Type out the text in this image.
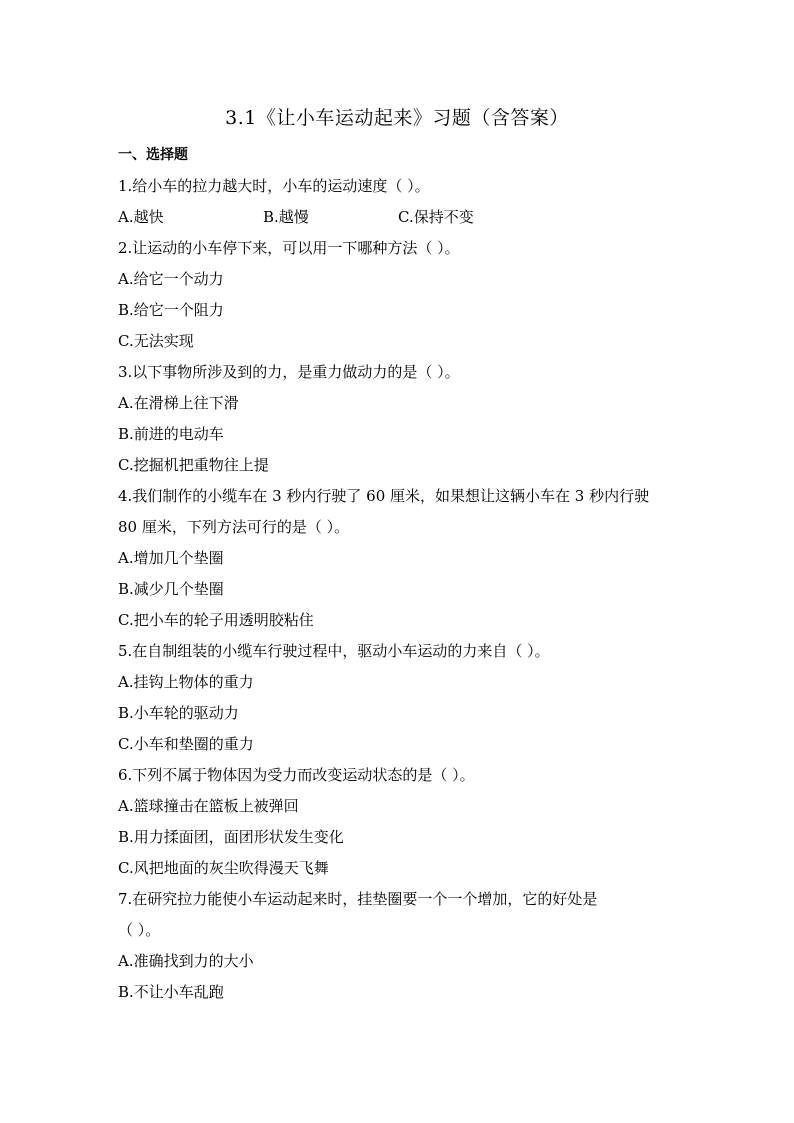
3.1《让小车运动起来》习题（含答案）
一、选择题
1.给小车的拉力越大时，小车的运动速度（ ）。
A.越快	B.越慢	C.保持不变
2.让运动的小车停下来，可以用一下哪种方法（ ）。
A.给它一个动力
B.给它一个阻力
C.无法实现
3.以下事物所涉及到的力，是重力做动力的是（ ）。
A.在滑梯上往下滑
B.前进的电动车
C.挖掘机把重物往上提
4.我们制作的小缆车在 3 秒内行驶了 60 厘米，如果想让这辆小车在 3 秒内行驶
80 厘米，下列方法可行的是（ ）。
A.增加几个垫圈
B.减少几个垫圈
C.把小车的轮子用透明胶粘住
5.在自制组装的小缆车行驶过程中，驱动小车运动的力来自（ ）。
A.挂钩上物体的重力
B.小车轮的驱动力
C.小车和垫圈的重力
6.下列不属于物体因为受力而改变运动状态的是（ ）。
A.篮球撞击在篮板上被弹回
B.用力揉面团，面团形状发生变化
C.风把地面的灰尘吹得漫天飞舞
7.在研究拉力能使小车运动起来时，挂垫圈要一个一个增加，它的好处是
（ ）。
A.准确找到力的大小
B.不让小车乱跑
